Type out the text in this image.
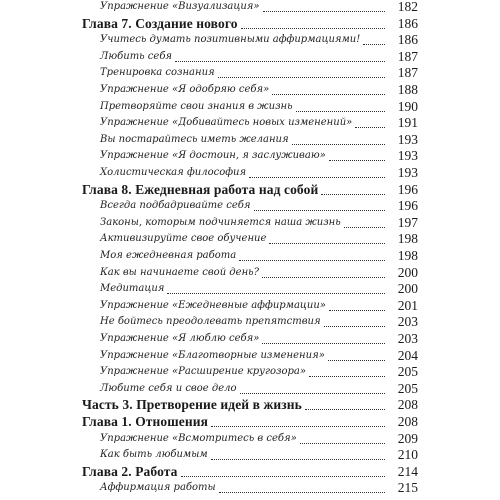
Упражнение «Визуализация»	182
Глава 7. Создание нового	186
Учитесь думать позитивными аффирмациями!	186
Любить себя	187
Тренировка сознания	187
Упражнение «Я одобряю себя»	188
Претворяйте свои знания в жизнь	190
Упражнение «Добивайтесь новых изменений»	191
Вы постарайтесь иметь желания	193
Упражнение «Я достоин, я заслуживаю»	193
Холистическая философия	193
Глава 8. Ежедневная работа над собой	196
Всегда подбадривайте себя	196
Законы, которым подчиняется наша жизнь	197
Активизируйте свое обучение	198
Моя ежедневная работа	198
Как вы начинаете свой день?	200
Медитация	200
Упражнение «Ежедневные аффирмации»	201
Не бойтесь преодолевать препятствия	203
Упражнение «Я люблю себя»	203
Упражнение «Благотворные изменения»	204
Упражнение «Расширение кругозора»	205
Любите себя и свое дело	205
Часть 3. Претворение идей в жизнь	208
Глава 1. Отношения	208
Упражнение «Всмотритесь в себя»	209
Как быть любимым	210
Глава 2. Работа	214
Аффирмация работы	215
